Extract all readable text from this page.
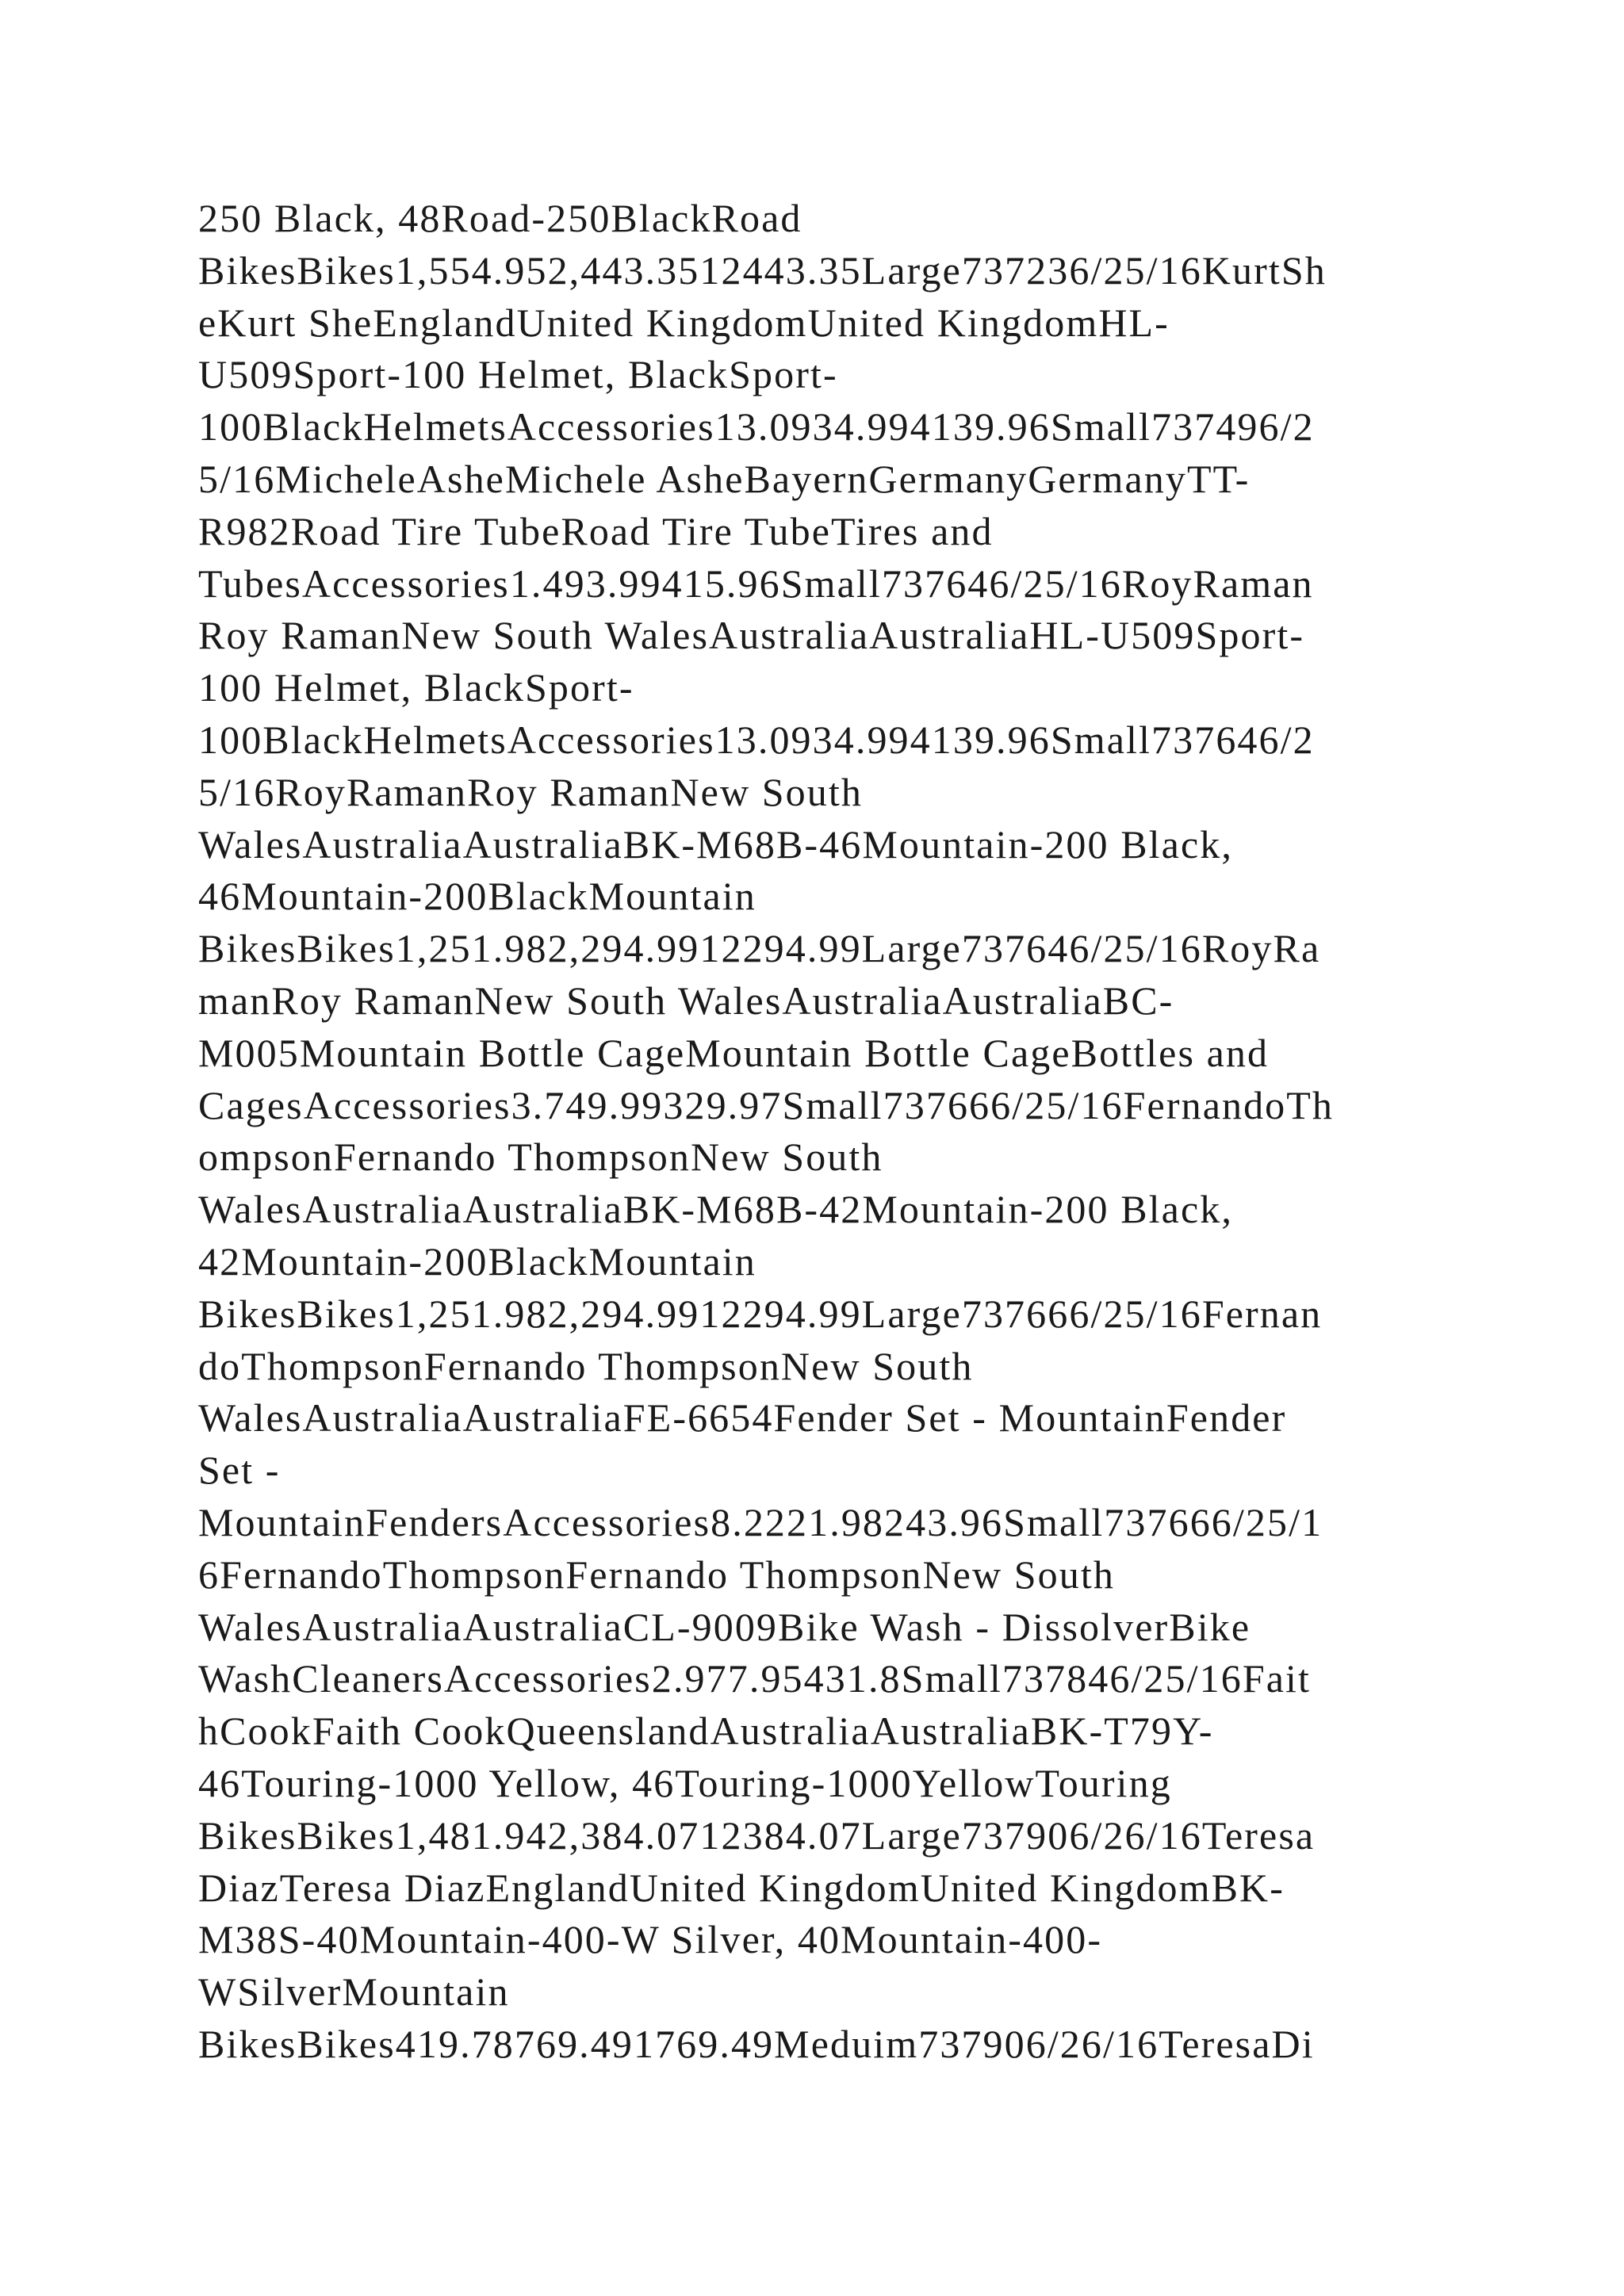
250 Black, 48Road-250BlackRoad
BikesBikes1,554.952,443.3512443.35Large737236/25/16KurtSh
eKurt SheEnglandUnited KingdomUnited KingdomHL-
U509Sport-100 Helmet, BlackSport-
100BlackHelmetsAccessories13.0934.994139.96Small737496/2
5/16MicheleAsheMichele AsheBayernGermanyGermanyTT-
R982Road Tire TubeRoad Tire TubeTires and
TubesAccessories1.493.99415.96Small737646/25/16RoyRaman
Roy RamanNew South WalesAustraliaAustraliaHL-U509Sport-
100 Helmet, BlackSport-
100BlackHelmetsAccessories13.0934.994139.96Small737646/2
5/16RoyRamanRoy RamanNew South
WalesAustraliaAustraliaBK-M68B-46Mountain-200 Black,
46Mountain-200BlackMountain
BikesBikes1,251.982,294.9912294.99Large737646/25/16RoyRa
manRoy RamanNew South WalesAustraliaAustraliaBC-
M005Mountain Bottle CageMountain Bottle CageBottles and
CagesAccessories3.749.99329.97Small737666/25/16FernandoTh
ompsonFernando ThompsonNew South
WalesAustraliaAustraliaBK-M68B-42Mountain-200 Black,
42Mountain-200BlackMountain
BikesBikes1,251.982,294.9912294.99Large737666/25/16Fernan
doThompsonFernando ThompsonNew South
WalesAustraliaAustraliaFE-6654Fender Set - MountainFender
Set -
MountainFendersAccessories8.2221.98243.96Small737666/25/1
6FernandoThompsonFernando ThompsonNew South
WalesAustraliaAustraliaCL-9009Bike Wash - DissolverBike
WashCleanersAccessories2.977.95431.8Small737846/25/16Fait
hCookFaith CookQueenslandAustraliaAustraliaBK-T79Y-
46Touring-1000 Yellow, 46Touring-1000YellowTouring
BikesBikes1,481.942,384.0712384.07Large737906/26/16Teresa
DiazTeresa DiazEnglandUnited KingdomUnited KingdomBK-
M38S-40Mountain-400-W Silver, 40Mountain-400-
WSilverMountain
BikesBikes419.78769.491769.49Meduim737906/26/16TeresaDi
